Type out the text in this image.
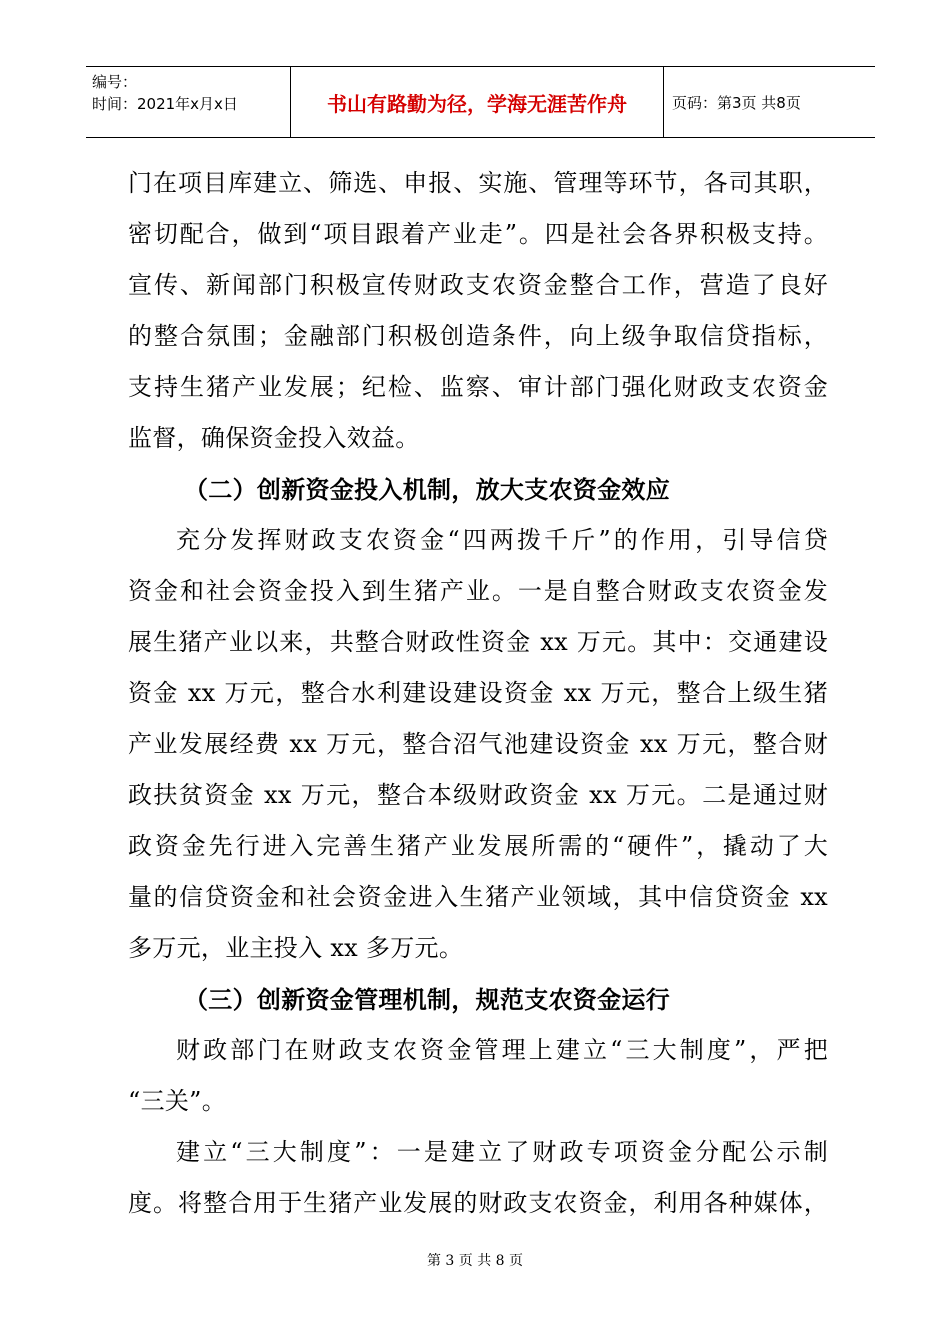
编号：
时间：2021年x月x日	书山有路勤为径，学海无涯苦作舟	页码：第3页 共8页
门在项目库建立、筛选、申报、实施、管理等环节，各司其职，
密切配合，做到“项目跟着产业走”。四是社会各界积极支持。
宣传、新闻部门积极宣传财政支农资金整合工作，营造了良好
的整合氛围；金融部门积极创造条件，向上级争取信贷指标，
支持生猪产业发展；纪检、监察、审计部门强化财政支农资金
监督，确保资金投入效益。
（二）创新资金投入机制，放大支农资金效应
充分发挥财政支农资金“四两拨千斤”的作用，引导信贷
资金和社会资金投入到生猪产业。一是自整合财政支农资金发
展生猪产业以来，共整合财政性资金 xx 万元。其中：交通建设
资金 xx 万元，整合水利建设建设资金 xx 万元，整合上级生猪
产业发展经费 xx 万元，整合沼气池建设资金 xx 万元，整合财
政扶贫资金 xx 万元，整合本级财政资金 xx 万元。二是通过财
政资金先行进入完善生猪产业发展所需的“硬件”，撬动了大
量的信贷资金和社会资金进入生猪产业领域，其中信贷资金 xx
多万元，业主投入 xx 多万元。
（三）创新资金管理机制，规范支农资金运行
财政部门在财政支农资金管理上建立“三大制度”，严把
“三关”。
建立“三大制度”：一是建立了财政专项资金分配公示制
度。将整合用于生猪产业发展的财政支农资金，利用各种媒体，
第 3 页 共 8 页
